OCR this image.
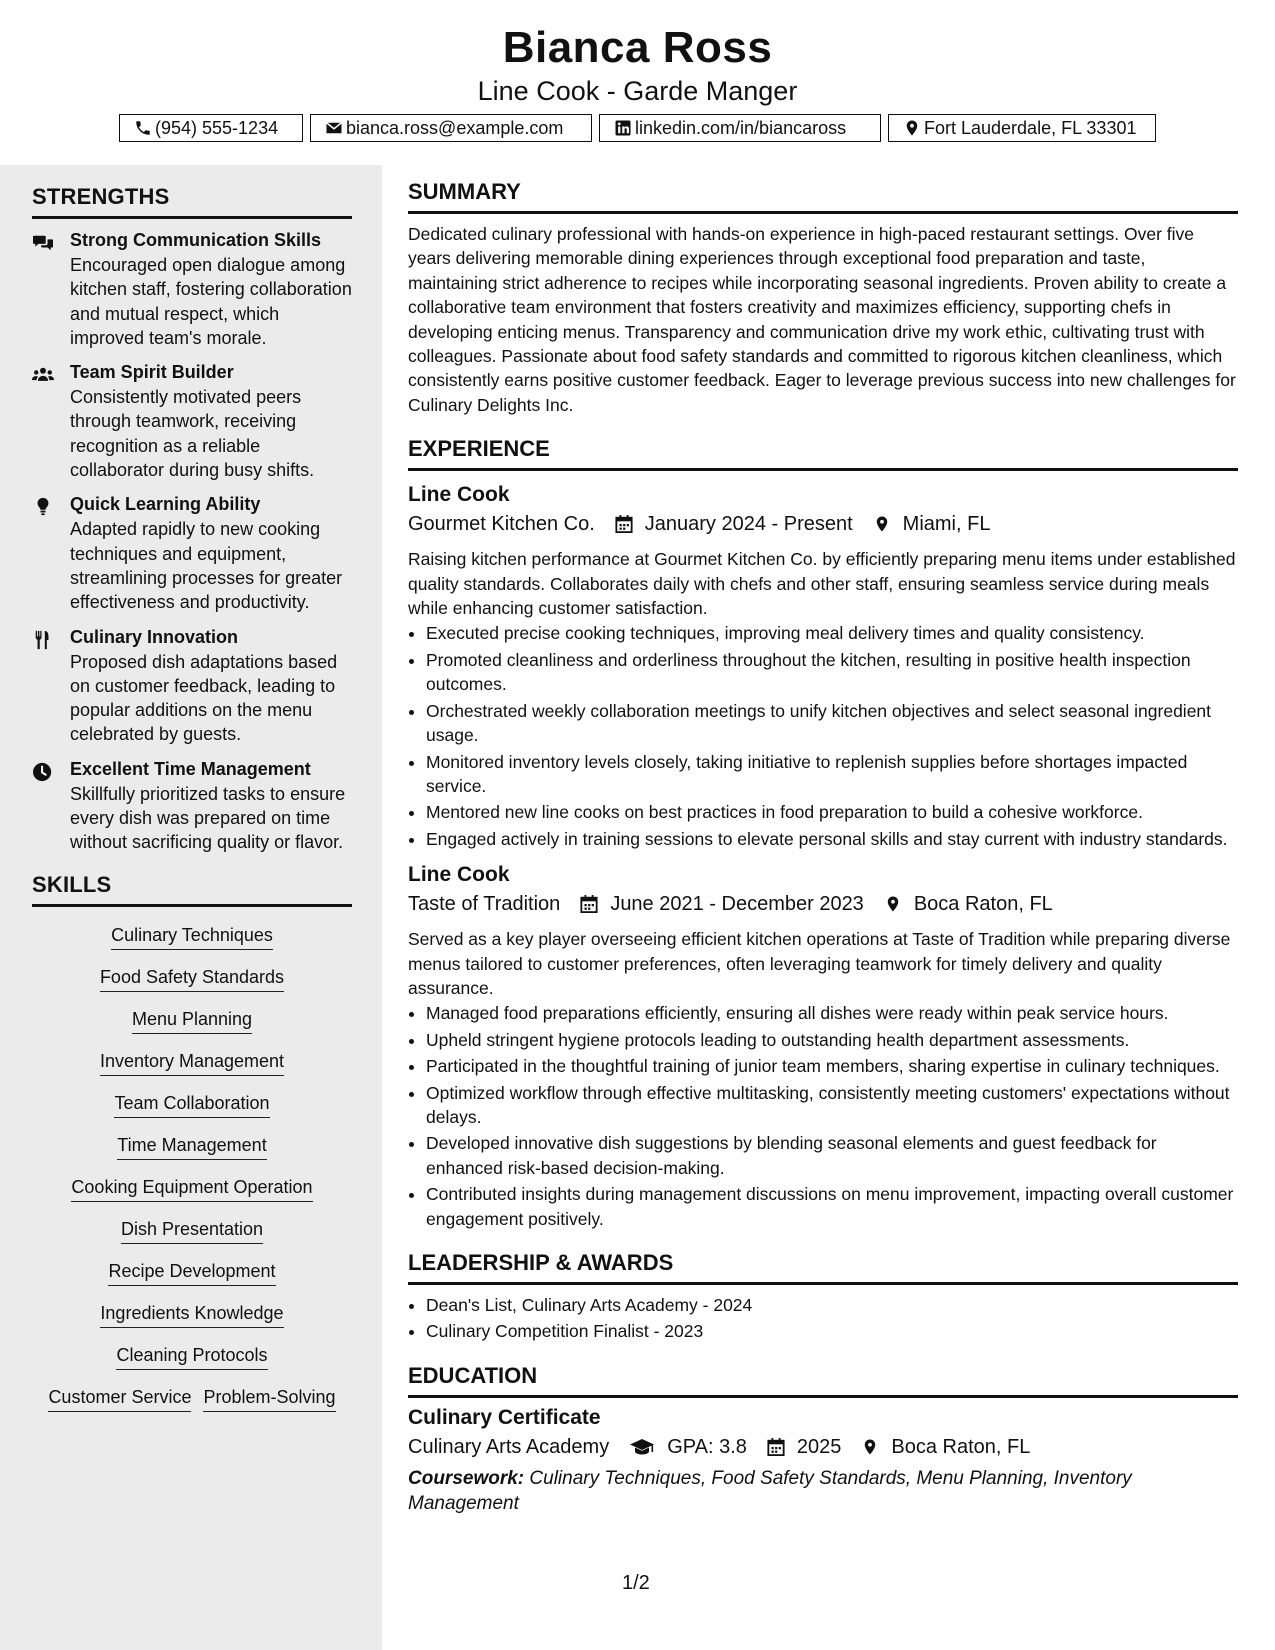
Bianca Ross
Line Cook - Garde Manger
(954) 555-1234	bianca.ross@example.com	linkedin.com/in/biancaross	Fort Lauderdale, FL 33301
STRENGTHS
Strong Communication Skills
Encouraged open dialogue among kitchen staff, fostering collaboration and mutual respect, which improved team's morale.
Team Spirit Builder
Consistently motivated peers through teamwork, receiving recognition as a reliable collaborator during busy shifts.
Quick Learning Ability
Adapted rapidly to new cooking techniques and equipment, streamlining processes for greater effectiveness and productivity.
Culinary Innovation
Proposed dish adaptations based on customer feedback, leading to popular additions on the menu celebrated by guests.
Excellent Time Management
Skillfully prioritized tasks to ensure every dish was prepared on time without sacrificing quality or flavor.
SKILLS
Culinary Techniques
Food Safety Standards
Menu Planning
Inventory Management
Team Collaboration
Time Management
Cooking Equipment Operation
Dish Presentation
Recipe Development
Ingredients Knowledge
Cleaning Protocols
Customer Service Problem-Solving
SUMMARY
Dedicated culinary professional with hands-on experience in high-paced restaurant settings. Over five years delivering memorable dining experiences through exceptional food preparation and taste, maintaining strict adherence to recipes while incorporating seasonal ingredients. Proven ability to create a collaborative team environment that fosters creativity and maximizes efficiency, supporting chefs in developing enticing menus. Transparency and communication drive my work ethic, cultivating trust with colleagues. Passionate about food safety standards and committed to rigorous kitchen cleanliness, which consistently earns positive customer feedback. Eager to leverage previous success into new challenges for Culinary Delights Inc.
EXPERIENCE
Line Cook
Gourmet Kitchen Co.	January 2024 - Present	Miami, FL
Raising kitchen performance at Gourmet Kitchen Co. by efficiently preparing menu items under established quality standards. Collaborates daily with chefs and other staff, ensuring seamless service during meals while enhancing customer satisfaction.
• Executed precise cooking techniques, improving meal delivery times and quality consistency.
• Promoted cleanliness and orderliness throughout the kitchen, resulting in positive health inspection outcomes.
• Orchestrated weekly collaboration meetings to unify kitchen objectives and select seasonal ingredient usage.
• Monitored inventory levels closely, taking initiative to replenish supplies before shortages impacted service.
• Mentored new line cooks on best practices in food preparation to build a cohesive workforce.
• Engaged actively in training sessions to elevate personal skills and stay current with industry standards.
Line Cook
Taste of Tradition	June 2021 - December 2023	Boca Raton, FL
Served as a key player overseeing efficient kitchen operations at Taste of Tradition while preparing diverse menus tailored to customer preferences, often leveraging teamwork for timely delivery and quality assurance.
• Managed food preparations efficiently, ensuring all dishes were ready within peak service hours.
• Upheld stringent hygiene protocols leading to outstanding health department assessments.
• Participated in the thoughtful training of junior team members, sharing expertise in culinary techniques.
• Optimized workflow through effective multitasking, consistently meeting customers' expectations without delays.
• Developed innovative dish suggestions by blending seasonal elements and guest feedback for enhanced risk-based decision-making.
• Contributed insights during management discussions on menu improvement, impacting overall customer engagement positively.
LEADERSHIP & AWARDS
• Dean's List, Culinary Arts Academy - 2024
• Culinary Competition Finalist - 2023
EDUCATION
Culinary Certificate
Culinary Arts Academy	GPA: 3.8	2025	Boca Raton, FL
Coursework: Culinary Techniques, Food Safety Standards, Menu Planning, Inventory Management
1/2
